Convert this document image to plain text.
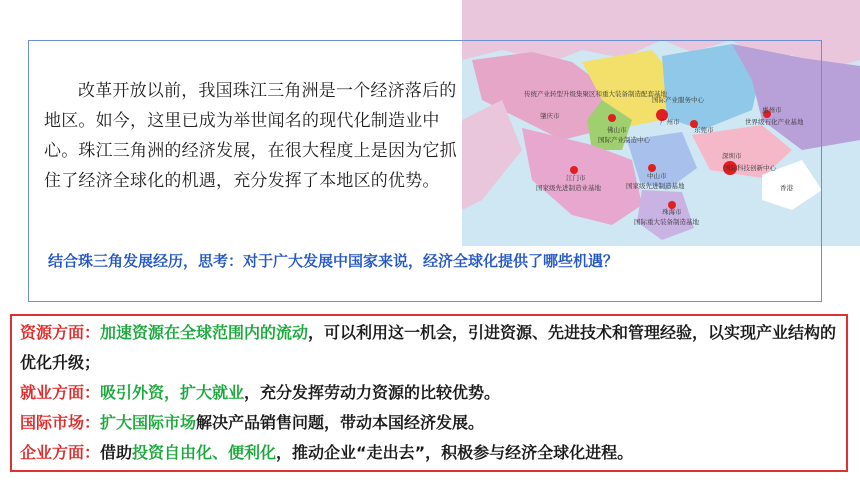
传统产业转型升级集聚区和重大装备制造配套基地
肇庆市
国际产业服务中心
佛山市
广州市
国际产业制造中心
东莞市
惠州市
世界级石化产业基地
江门市
国家级先进制造业基地
中山市
国家级先进制造基地
深圳市
国际科技创新中心
珠海市
国际重大装备制造基地
香港

改革开放以前，我国珠江三角洲是一个经济落后的地区。如今，这里已成为举世闻名的现代化制造业中心。珠江三角洲的经济发展，在很大程度上是因为它抓住了经济全球化的机遇，充分发挥了本地区的优势。

结合珠三角发展经历，思考：对于广大发展中国家来说，经济全球化提供了哪些机遇？

资源方面：加速资源在全球范围内的流动，可以利用这一机会，引进资源、先进技术和管理经验，以实现产业结构的优化升级；

就业方面：吸引外资，扩大就业，充分发挥劳动力资源的比较优势。

国际市场：扩大国际市场解决产品销售问题，带动本国经济发展。

企业方面：借助投资自由化、便利化，推动企业“走出去”，积极参与经济全球化进程。
